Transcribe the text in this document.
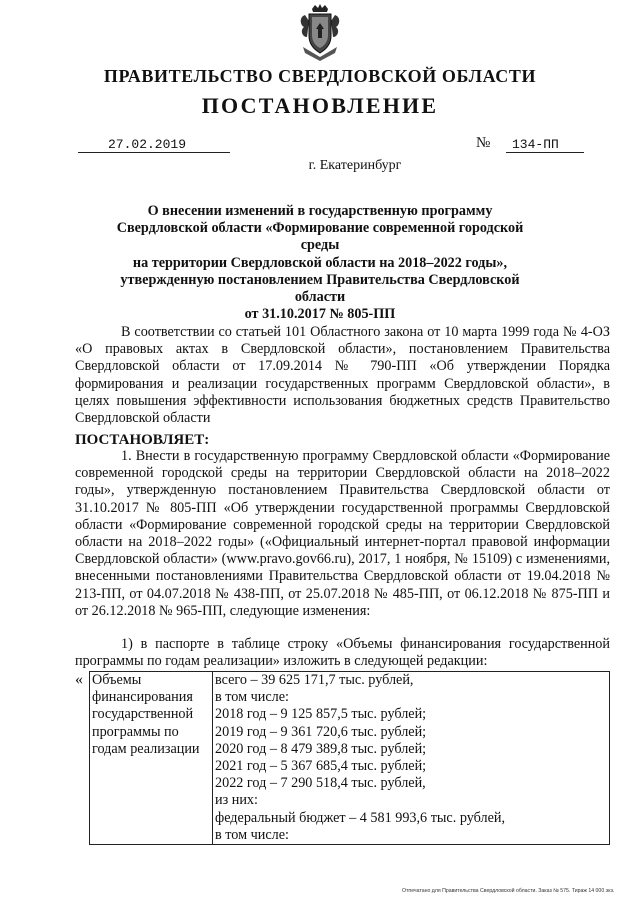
ПРАВИТЕЛЬСТВО СВЕРДЛОВСКОЙ ОБЛАСТИ
ПОСТАНОВЛЕНИЕ
27.02.2019	№	134-ПП
г. Екатеринбург
О внесении изменений в государственную программу
Свердловской области «Формирование современной городской среды
на территории Свердловской области на 2018–2022 годы»,
утвержденную постановлением Правительства Свердловской области
от 31.10.2017 № 805-ПП
В соответствии со статьей 101 Областного закона от 10 марта 1999 года № 4-ОЗ «О правовых актах в Свердловской области», постановлением Правительства Свердловской области от 17.09.2014 № 790-ПП «Об утверждении Порядка формирования и реализации государственных программ Свердловской области», в целях повышения эффективности использования бюджетных средств Правительство Свердловской области
ПОСТАНОВЛЯЕТ:
1. Внести в государственную программу Свердловской области «Формирование современной городской среды на территории Свердловской области на 2018–2022 годы», утвержденную постановлением Правительства Свердловской области от 31.10.2017 № 805-ПП «Об утверждении государственной программы Свердловской области «Формирование современной городской среды на территории Свердловской области на 2018–2022 годы» («Официальный интернет-портал правовой информации Свердловской области» (www.pravo.gov66.ru), 2017, 1 ноября, № 15109) с изменениями, внесенными постановлениями Правительства Свердловской области от 19.04.2018 № 213-ПП, от 04.07.2018 № 438-ПП, от 25.07.2018 № 485-ПП, от 06.12.2018 № 875-ПП и от 26.12.2018 № 965-ПП, следующие изменения:
1) в паспорте в таблице строку «Объемы финансирования государственной программы по годам реализации» изложить в следующей редакции:
« Объемы
финансирования
государственной
программы по
годам реализации

всего – 39 625 171,7 тыс. рублей,
в том числе:
2018 год – 9 125 857,5 тыс. рублей;
2019 год – 9 361 720,6 тыс. рублей;
2020 год – 8 479 389,8 тыс. рублей;
2021 год – 5 367 685,4 тыс. рублей;
2022 год – 7 290 518,4 тыс. рублей,
из них:
федеральный бюджет – 4 581 993,6 тыс. рублей,
в том числе:
Отпечатано для Правительства Свердловской области. Заказ № 575. Тираж 14 000 экз.
